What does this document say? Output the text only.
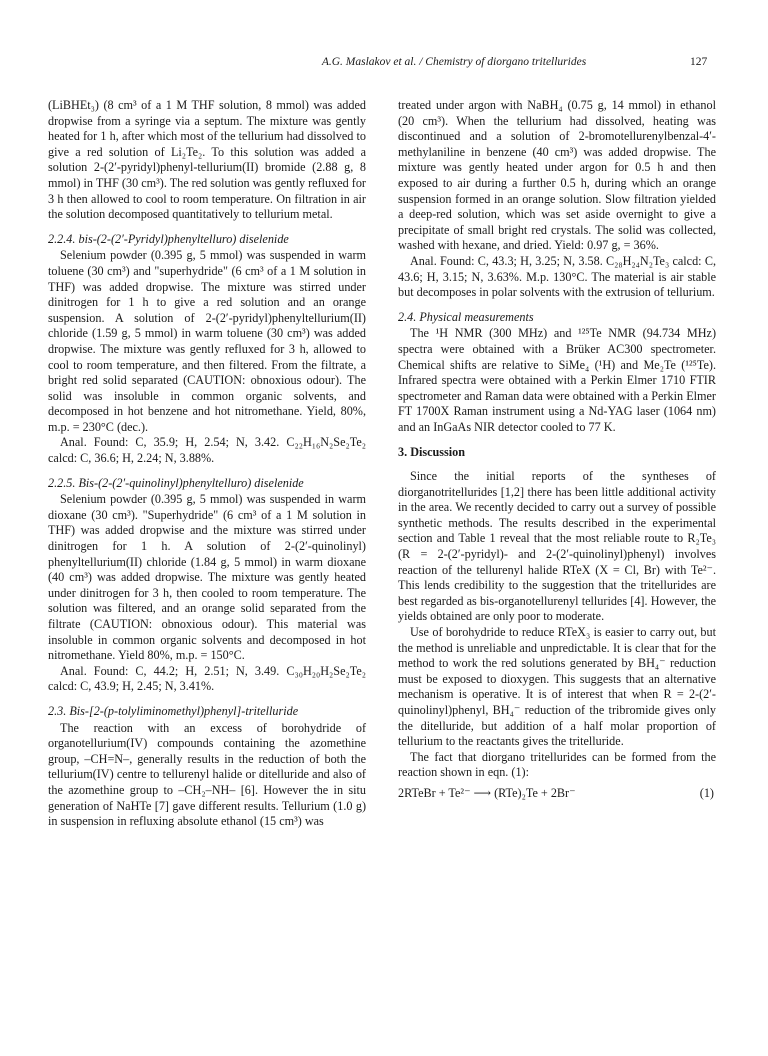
A.G. Maslakov et al. / Chemistry of diorgano tritellurides	127

(LiBHEt₃) (8 cm³ of a 1 M THF solution, 8 mmol) was added dropwise from a syringe via a septum. The mixture was gently heated for 1 h, after which most of the tellurium had dissolved to give a red solution of Li₂Te₂. To this solution was added a solution 2-(2′-pyridyl)phenyl-tellurium(II) bromide (2.88 g, 8 mmol) in THF (30 cm³). The red solution was gently refluxed for 3 h then allowed to cool to room temperature. On filtration in air the solution decomposed quantitatively to tellurium metal.

2.2.4. bis-(2-(2′-Pyridyl)phenyltelluro) diselenide

Selenium powder (0.395 g, 5 mmol) was suspended in warm toluene (30 cm³) and "superhydride" (6 cm³ of a 1 M solution in THF) was added dropwise. The mixture was stirred under dinitrogen for 1 h to give a red solution and an orange suspension. A solution of 2-(2′-pyridyl)phenyltellurium(II) chloride (1.59 g, 5 mmol) in warm toluene (30 cm³) was added dropwise. The mixture was gently refluxed for 3 h, allowed to cool to room temperature, and then filtered. From the filtrate, a bright red solid separated (CAUTION: obnoxious odour). The solid was insoluble in common organic solvents, and decomposed in hot benzene and hot nitromethane. Yield, 80%, m.p. = 230°C (dec.).

Anal. Found: C, 35.9; H, 2.54; N, 3.42. C₂₂H₁₆N₂Se₂Te₂ calcd: C, 36.6; H, 2.24; N, 3.88%.

2.2.5. Bis-(2-(2′-quinolinyl)phenyltelluro) diselenide

Selenium powder (0.395 g, 5 mmol) was suspended in warm dioxane (30 cm³). "Superhydride" (6 cm³ of a 1 M solution in THF) was added dropwise and the mixture was stirred under dinitrogen for 1 h. A solution of 2-(2′-quinolinyl) phenyltellurium(II) chloride (1.84 g, 5 mmol) in warm dioxane (40 cm³) was added dropwise. The mixture was gently heated under dinitrogen for 3 h, then cooled to room temperature. The solution was filtered, and an orange solid separated from the filtrate (CAUTION: obnoxious odour). This material was insoluble in common organic solvents and decomposed in hot nitromethane. Yield 80%, m.p. = 150°C.

Anal. Found: C, 44.2; H, 2.51; N, 3.49. C₃₀H₂₀H₂Se₂Te₂ calcd: C, 43.9; H, 2.45; N, 3.41%.

2.3. Bis-[2-(p-tolyliminomethyl)phenyl]-tritelluride

The reaction with an excess of borohydride of organotellurium(IV) compounds containing the azomethine group, –CH=N–, generally results in the reduction of both the tellurium(IV) centre to tellurenyl halide or ditelluride and also of the azomethine group to –CH₂–NH– [6]. However the in situ generation of NaHTe [7] gave different results. Tellurium (1.0 g) in suspension in refluxing absolute ethanol (15 cm³) was

treated under argon with NaBH₄ (0.75 g, 14 mmol) in ethanol (20 cm³). When the tellurium had dissolved, heating was discontinued and a solution of 2-bromotellurenylbenzal-4′-methylaniline in benzene (40 cm³) was added dropwise. The mixture was gently heated under argon for 0.5 h and then exposed to air during a further 0.5 h, during which an orange suspension formed in an orange solution. Slow filtration yielded a deep-red solution, which was set aside overnight to give a precipitate of small bright red crystals. The solid was collected, washed with hexane, and dried. Yield: 0.97 g, = 36%.

Anal. Found: C, 43.3; H, 3.25; N, 3.58. C₂₈H₂₄N₂Te₃ calcd: C, 43.6; H, 3.15; N, 3.63%. M.p. 130°C. The material is air stable but decomposes in polar solvents with the extrusion of tellurium.

2.4. Physical measurements

The ¹H NMR (300 MHz) and ¹²⁵Te NMR (94.734 MHz) spectra were obtained with a Brüker AC300 spectrometer. Chemical shifts are relative to SiMe₄ (¹H) and Me₂Te (¹²⁵Te). Infrared spectra were obtained with a Perkin Elmer 1710 FTIR spectrometer and Raman data were obtained with a Perkin Elmer FT 1700X Raman instrument using a Nd-YAG laser (1064 nm) and an InGaAs NIR detector cooled to 77 K.

3. Discussion

Since the initial reports of the syntheses of diorganotritellurides [1,2] there has been little additional activity in the area. We recently decided to carry out a survey of possible synthetic methods. The results described in the experimental section and Table 1 reveal that the most reliable route to R₂Te₃ (R = 2-(2′-pyridyl)- and 2-(2′-quinolinyl)phenyl) involves reaction of the tellurenyl halide RTeX (X = Cl, Br) with Te²⁻. This lends credibility to the suggestion that the tritellurides are best regarded as bis-organotellurenyl tellurides [4]. However, the yields obtained are only poor to moderate.

Use of borohydride to reduce RTeX₃ is easier to carry out, but the method is unreliable and unpredictable. It is clear that for the method to work the red solutions generated by BH₄⁻ reduction must be exposed to dioxygen. This suggests that an alternative mechanism is operative. It is of interest that when R = 2-(2′-quinolinyl)phenyl, BH₄⁻ reduction of the tribromide gives only the ditelluride, but addition of a half molar proportion of tellurium to the reactants gives the tritelluride.

The fact that diorgano tritellurides can be formed from the reaction shown in eqn. (1):

2RTeBr + Te²⁻ ⟶ (RTe)₂Te + 2Br⁻	(1)
